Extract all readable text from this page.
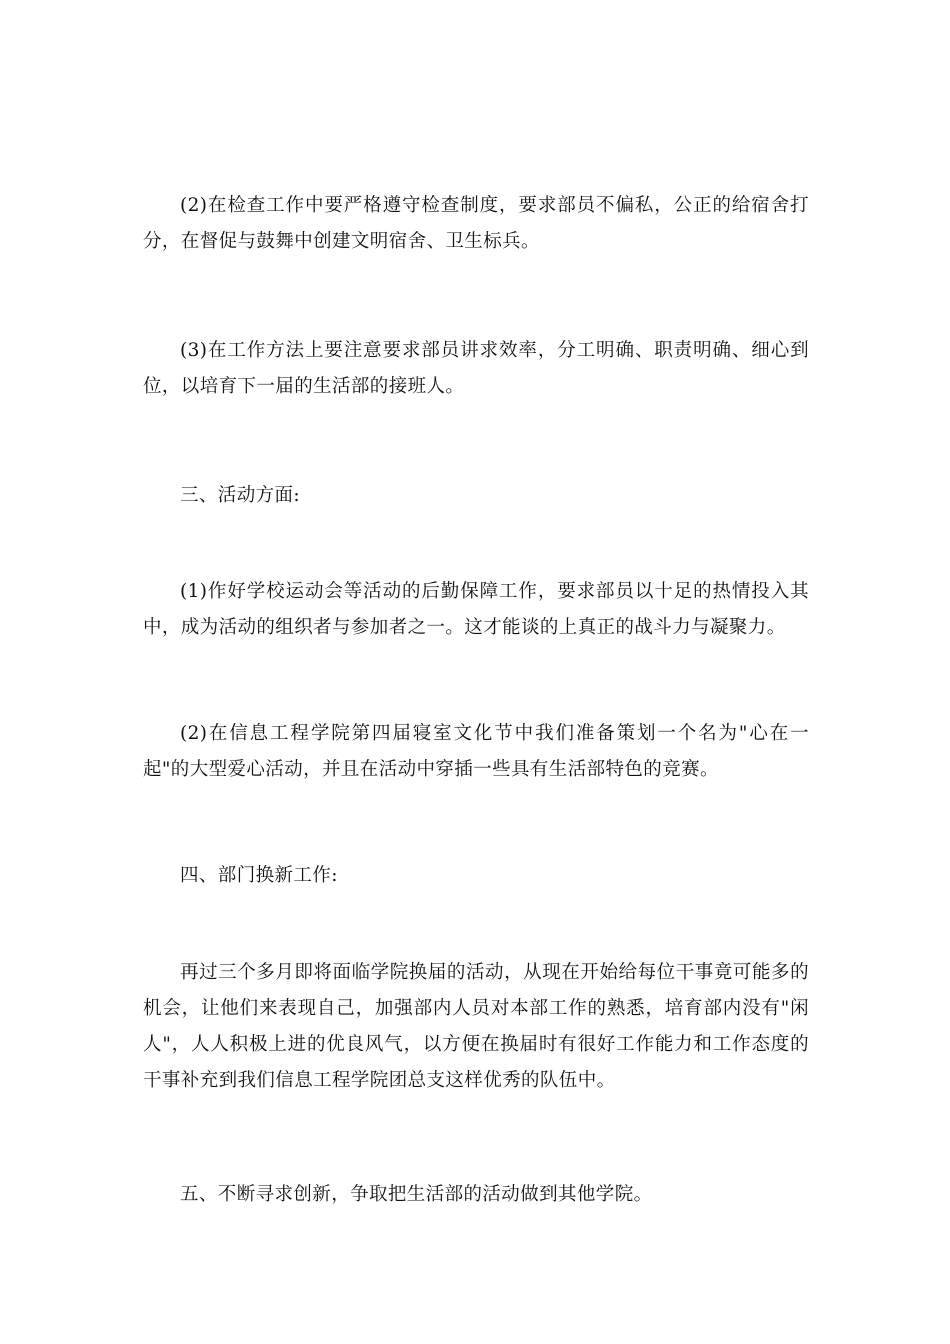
(2)在检查工作中要严格遵守检查制度，要求部员不偏私，公正的给宿舍打分，在督促与鼓舞中创建文明宿舍、卫生标兵。

(3)在工作方法上要注意要求部员讲求效率，分工明确、职责明确、细心到位，以培育下一届的生活部的接班人。

三、活动方面:

(1)作好学校运动会等活动的后勤保障工作，要求部员以十足的热情投入其中，成为活动的组织者与参加者之一。这才能谈的上真正的战斗力与凝聚力。

(2)在信息工程学院第四届寝室文化节中我们准备策划一个名为"心在一起"的大型爱心活动，并且在活动中穿插一些具有生活部特色的竞赛。

四、部门换新工作:

再过三个多月即将面临学院换届的活动，从现在开始给每位干事竟可能多的机会，让他们来表现自己，加强部内人员对本部工作的熟悉，培育部内没有"闲人"，人人积极上进的优良风气，以方便在换届时有很好工作能力和工作态度的干事补充到我们信息工程学院团总支这样优秀的队伍中。

五、不断寻求创新，争取把生活部的活动做到其他学院。
